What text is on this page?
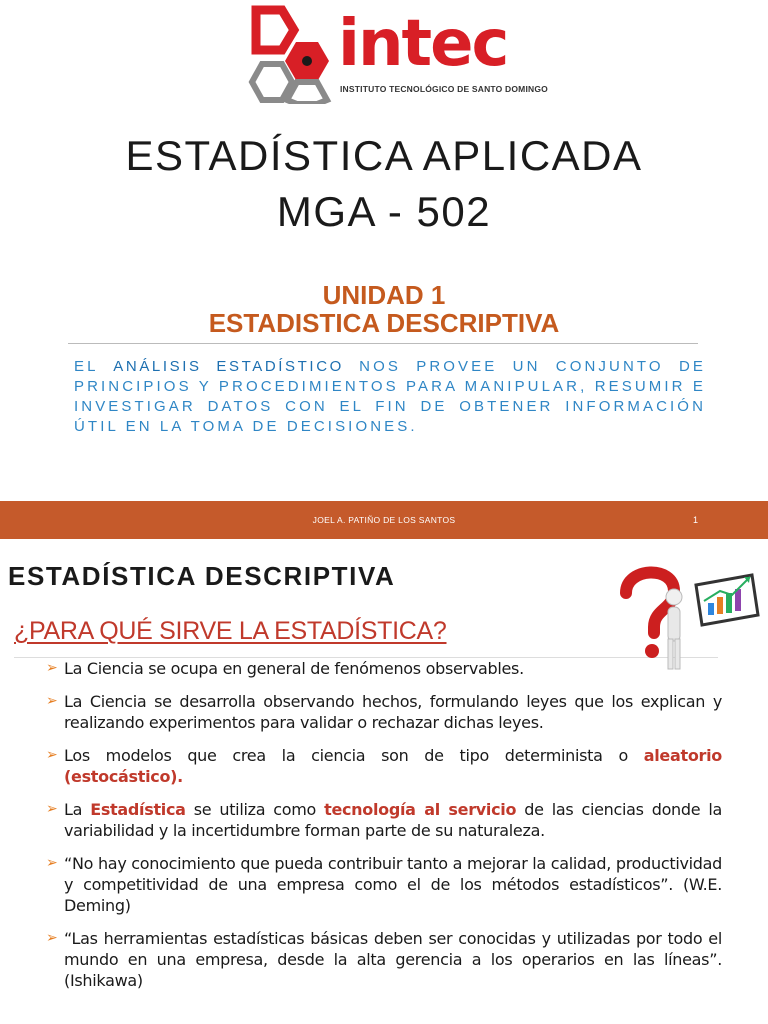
intec
INSTITUTO TECNOLÓGICO DE SANTO DOMINGO
ESTADÍSTICA APLICADA
MGA - 502
UNIDAD 1
ESTADISTICA DESCRIPTIVA
EL ANÁLISIS ESTADÍSTICO NOS PROVEE UN CONJUNTO DE PRINCIPIOS Y PROCEDIMIENTOS PARA MANIPULAR, RESUMIR E INVESTIGAR DATOS CON EL FIN DE OBTENER INFORMACIÓN ÚTIL EN LA TOMA DE DECISIONES.
JOEL A. PATIÑO DE LOS SANTOS	1
ESTADÍSTICA DESCRIPTIVA
¿PARA QUÉ SIRVE LA ESTADÍSTICA?
➢ La Ciencia se ocupa en general de fenómenos observables.
➢ La Ciencia se desarrolla observando hechos, formulando leyes que los explican y realizando experimentos para validar o rechazar dichas leyes.
➢ Los modelos que crea la ciencia son de tipo determinista o aleatorio (estocástico).
➢ La Estadística se utiliza como tecnología al servicio de las ciencias donde la variabilidad y la incertidumbre forman parte de su naturaleza.
➢ “No hay conocimiento que pueda contribuir tanto a mejorar la calidad, productividad y competitividad de una empresa como el de los métodos estadísticos”. (W.E. Deming)
➢ “Las herramientas estadísticas básicas deben ser conocidas y utilizadas por todo el mundo en una empresa, desde la alta gerencia a los operarios en las líneas”. (Ishikawa)
